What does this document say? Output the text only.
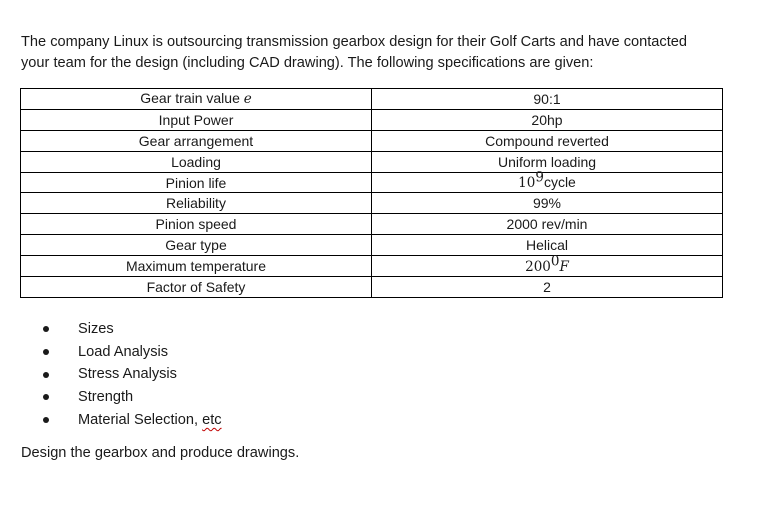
The company Linux is outsourcing transmission gearbox design for their Golf Carts and have contacted
your team for the design (including CAD drawing). The following specifications are given:

Gear train value e	90:1
Input Power	20hp
Gear arrangement	Compound reverted
Loading	Uniform loading
Pinion life	$10^9cycle$
Reliability	99%
Pinion speed	2000 rev/min
Gear type	Helical
Maximum temperature	$200^0F$
Factor of Safety	2
Sizes
Load Analysis
Stress Analysis
Strength
Material Selection, etc

Design the gearbox and produce drawings.
